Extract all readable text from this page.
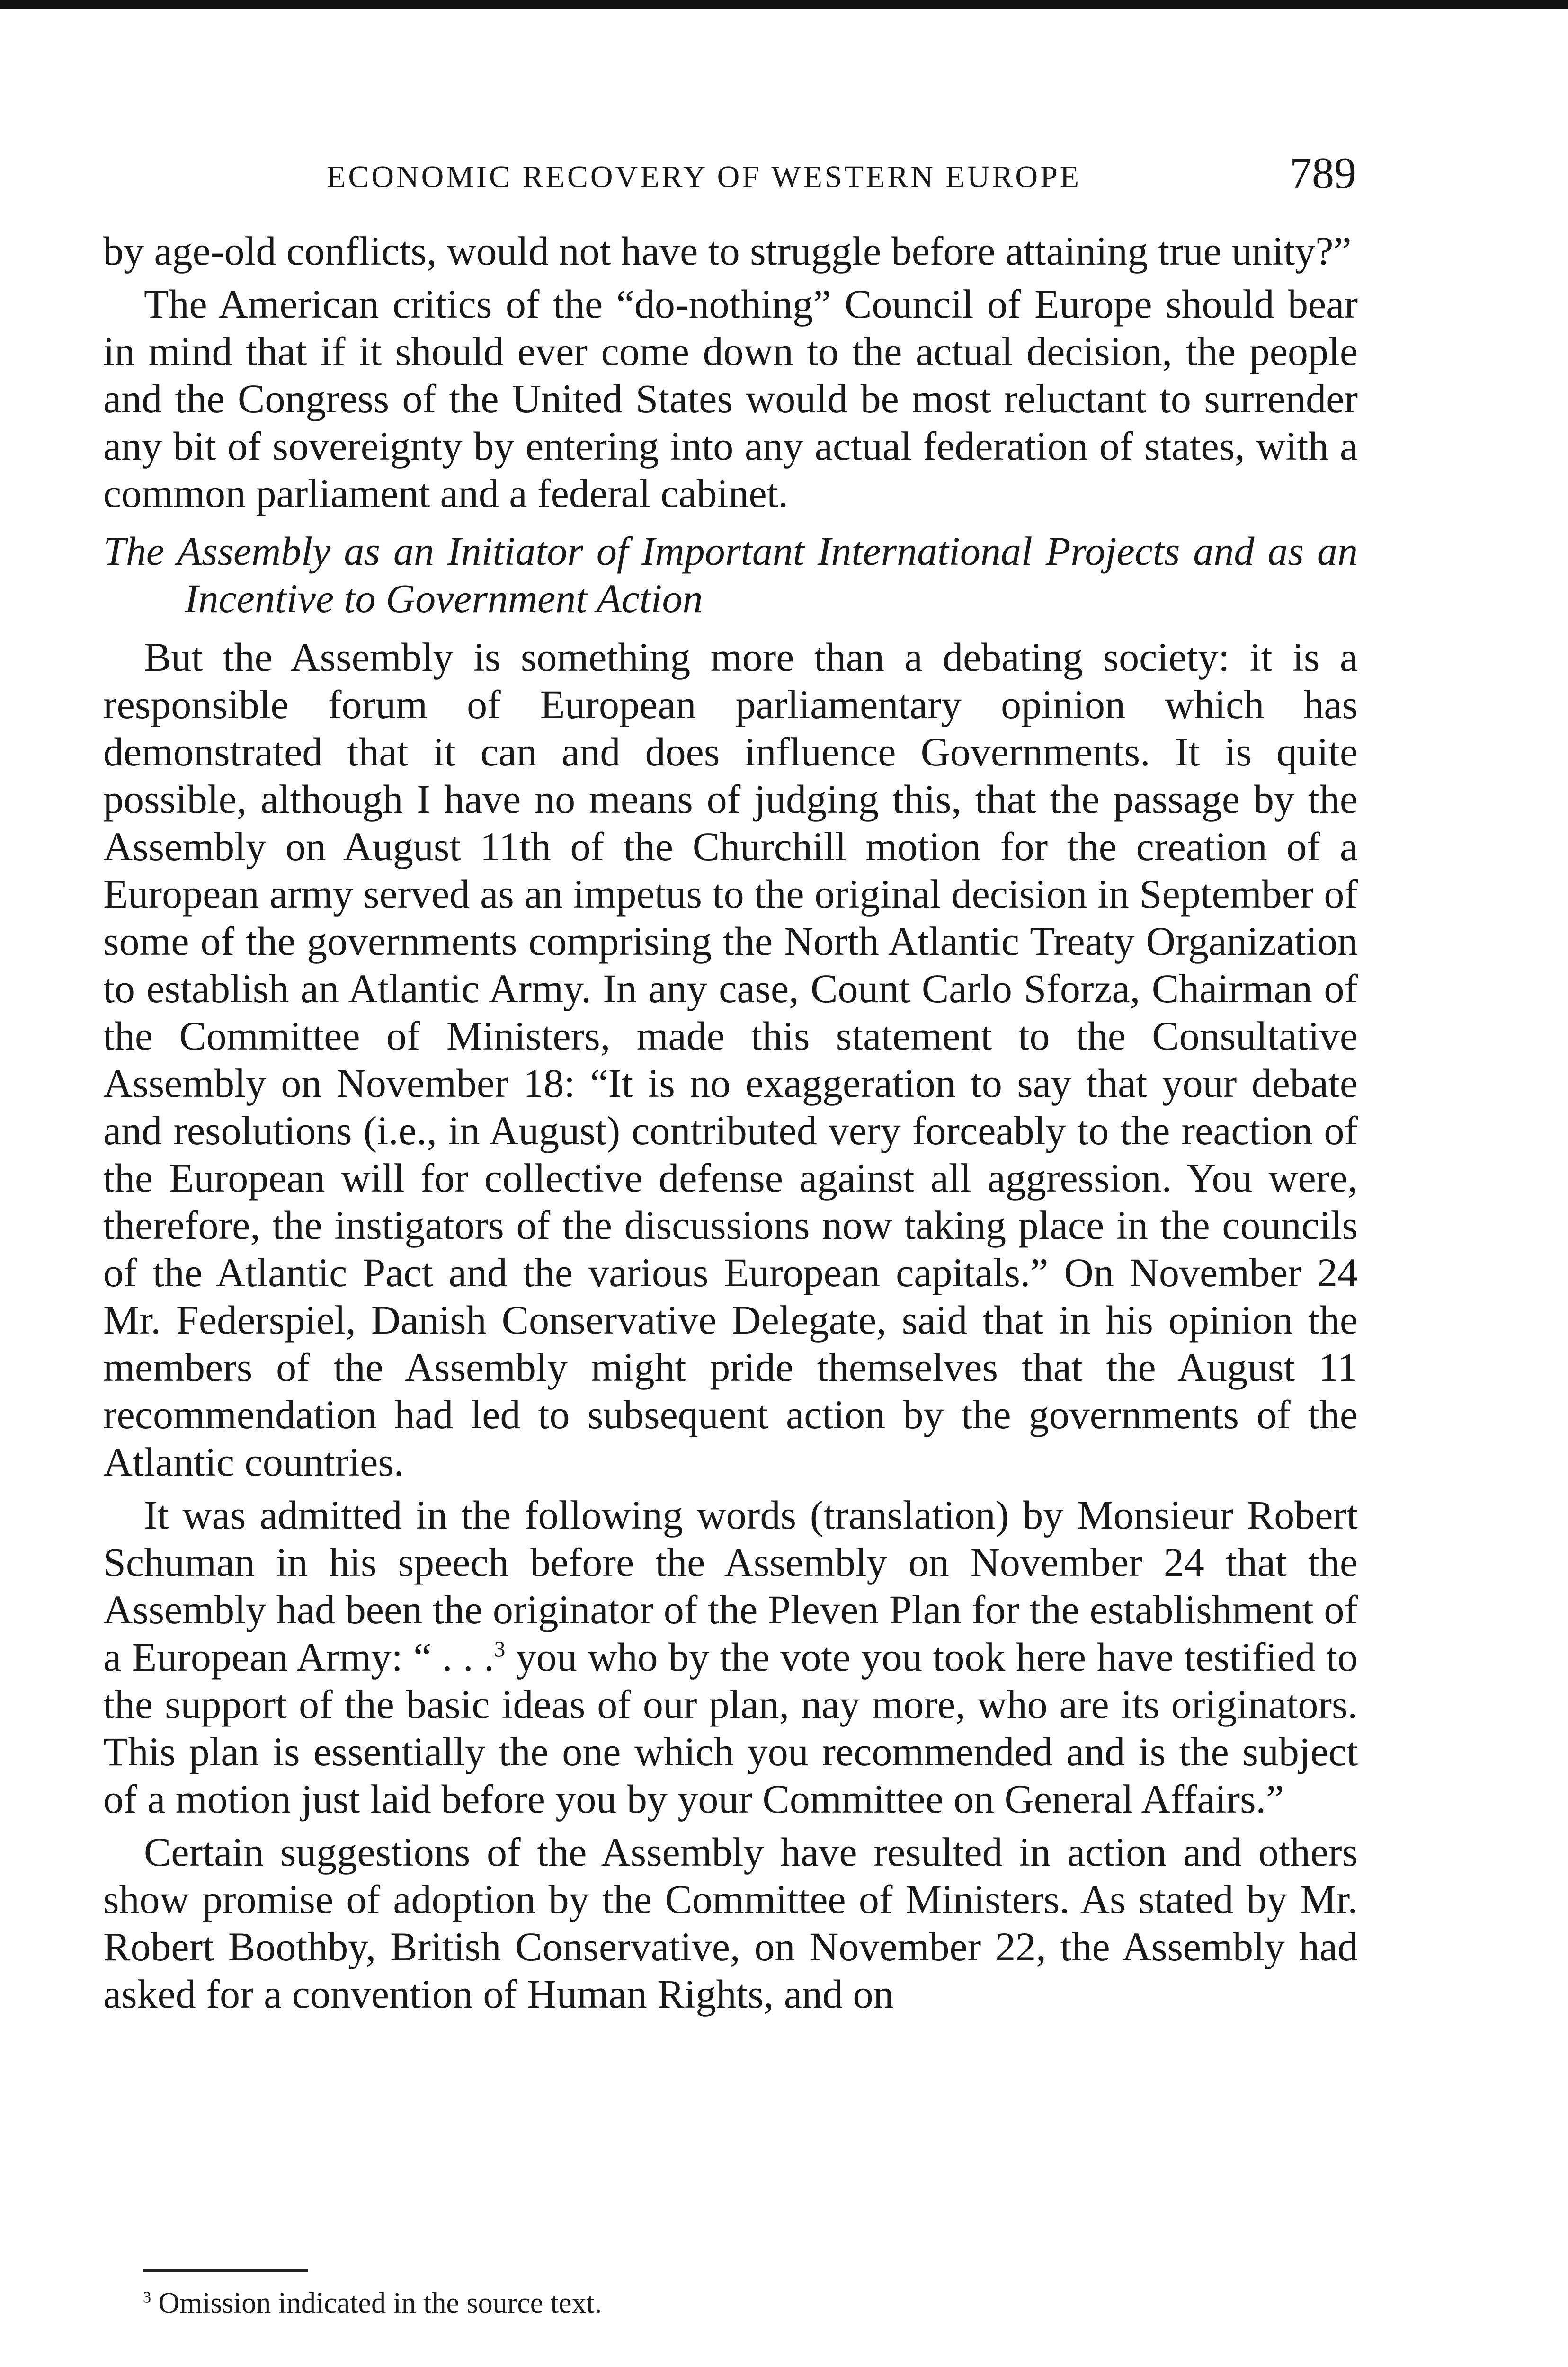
ECONOMIC RECOVERY OF WESTERN EUROPE	789

by age-old conflicts, would not have to struggle before attaining true unity?”

The American critics of the “do-nothing” Council of Europe should bear in mind that if it should ever come down to the actual decision, the people and the Congress of the United States would be most reluctant to surrender any bit of sovereignty by entering into any actual federation of states, with a common parliament and a federal cabinet.

The Assembly as an Initiator of Important International Projects and as an Incentive to Government Action

But the Assembly is something more than a debating society: it is a responsible forum of European parliamentary opinion which has demonstrated that it can and does influence Governments. It is quite possible, although I have no means of judging this, that the passage by the Assembly on August 11th of the Churchill motion for the creation of a European army served as an impetus to the original decision in September of some of the governments comprising the North Atlantic Treaty Organization to establish an Atlantic Army. In any case, Count Carlo Sforza, Chairman of the Committee of Ministers, made this statement to the Consultative Assembly on November 18: “It is no exaggeration to say that your debate and resolutions (i.e., in August) contributed very forceably to the reaction of the European will for collective defense against all aggression. You were, therefore, the instigators of the discussions now taking place in the councils of the Atlantic Pact and the various European capitals.” On November 24 Mr. Federspiel, Danish Conservative Delegate, said that in his opinion the members of the Assembly might pride themselves that the August 11 recommendation had led to subsequent action by the governments of the Atlantic countries.

It was admitted in the following words (translation) by Monsieur Robert Schuman in his speech before the Assembly on November 24 that the Assembly had been the originator of the Pleven Plan for the establishment of a European Army: “ . . .$^3$ you who by the vote you took here have testified to the support of the basic ideas of our plan, nay more, who are its originators. This plan is essentially the one which you recommended and is the subject of a motion just laid before you by your Committee on General Affairs.”

Certain suggestions of the Assembly have resulted in action and others show promise of adoption by the Committee of Ministers. As stated by Mr. Robert Boothby, British Conservative, on November 22, the Assembly had asked for a convention of Human Rights, and on

$^3$ Omission indicated in the source text.
